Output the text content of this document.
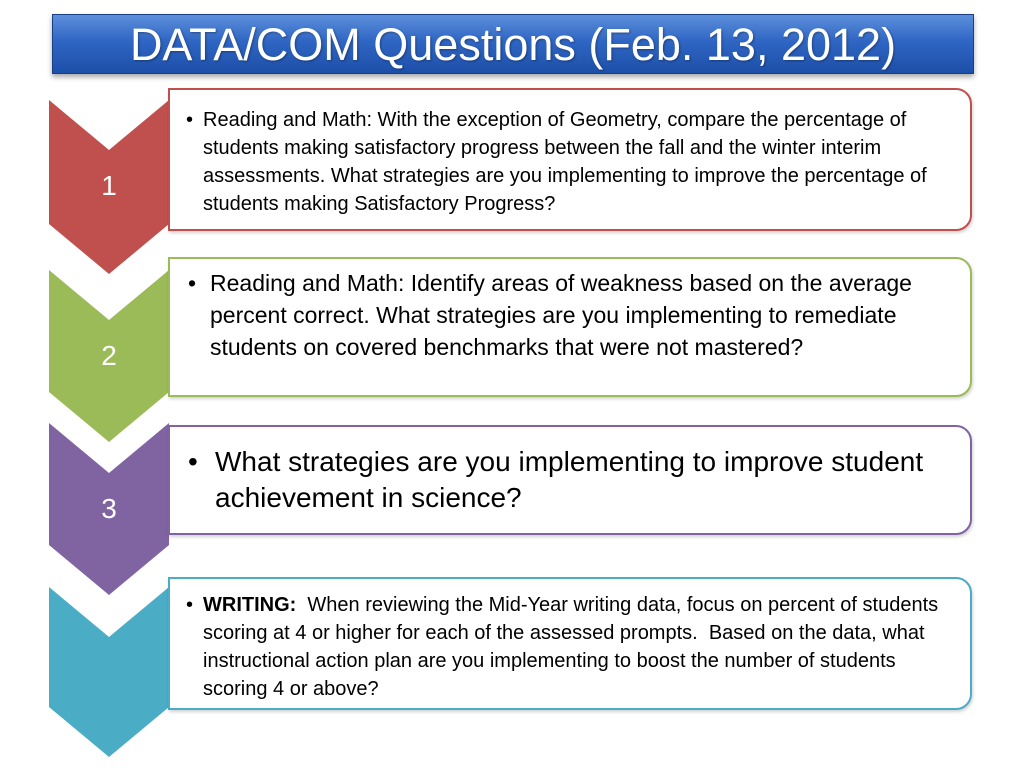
DATA/COM Questions (Feb. 13, 2012)
1
• Reading and Math: With the exception of Geometry, compare the percentage of students making satisfactory progress between the fall and the winter interim assessments. What strategies are you implementing to improve the percentage of students making Satisfactory Progress?
2
• Reading and Math: Identify areas of weakness based on the average percent correct. What strategies are you implementing to remediate students on covered benchmarks that were not mastered?
3
• What strategies are you implementing to improve student achievement in science?
• WRITING:  When reviewing the Mid-Year writing data, focus on percent of students scoring at 4 or higher for each of the assessed prompts.  Based on the data, what instructional action plan are you implementing to boost the number of students scoring 4 or above?
